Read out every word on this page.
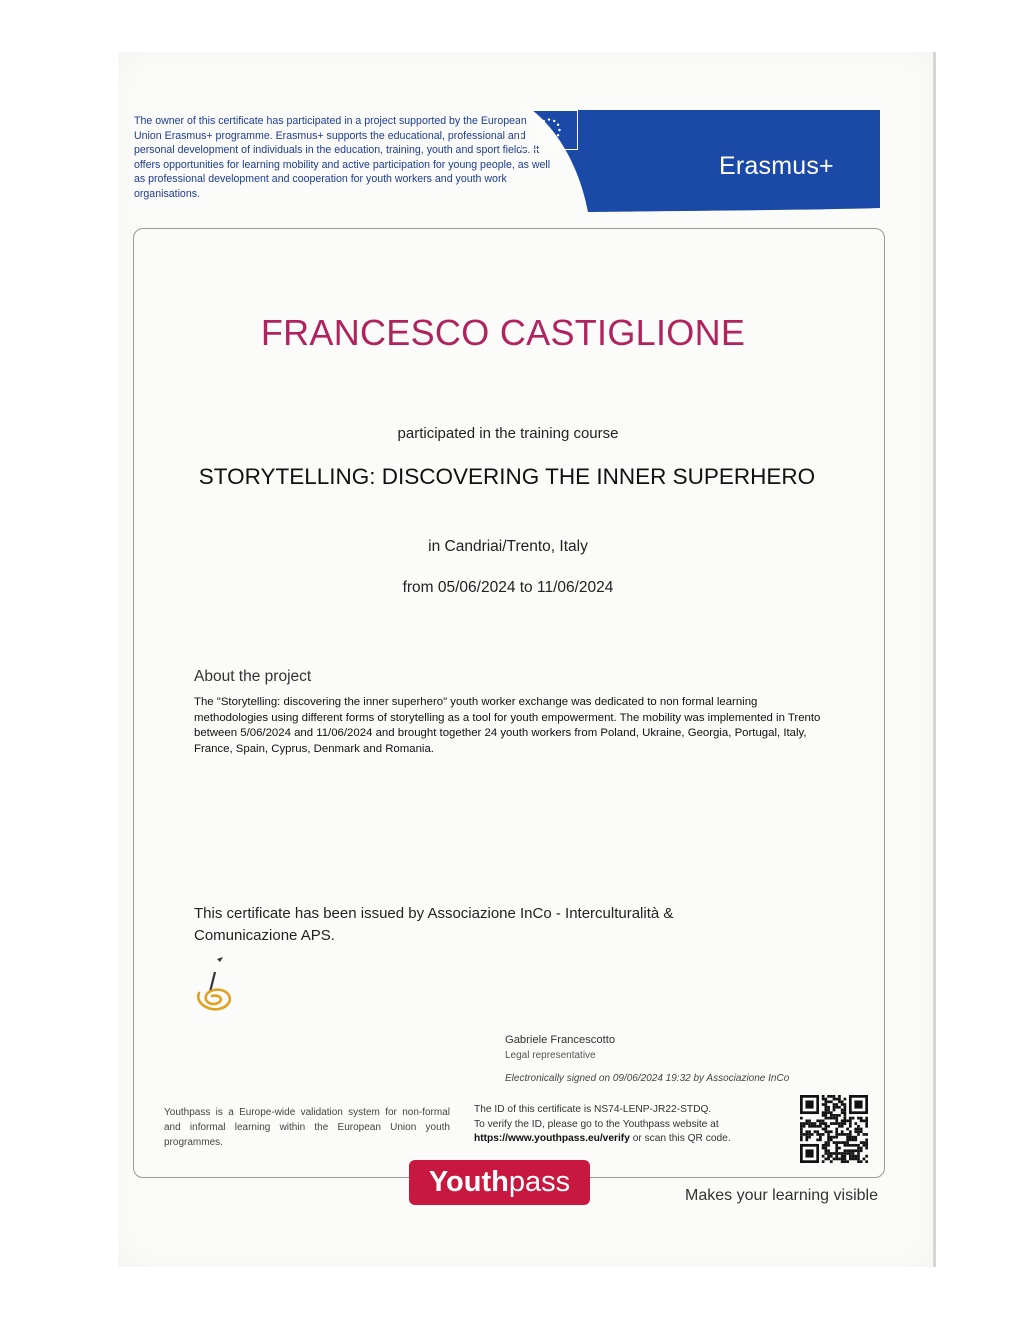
The owner of this certificate has participated in a project supported by the European Union Erasmus+ programme. Erasmus+ supports the educational, professional and personal development of individuals in the education, training, youth and sport fields. It offers opportunities for learning mobility and active participation for young people, as well as professional development and cooperation for youth workers and youth work organisations.
Erasmus+
FRANCESCO CASTIGLIONE
participated in the training course
STORYTELLING: DISCOVERING THE INNER SUPERHERO
in Candriai/Trento, Italy
from 05/06/2024 to 11/06/2024
About the project
The "Storytelling: discovering the inner superhero" youth worker exchange was dedicated to non formal learning methodologies using different forms of storytelling as a tool for youth empowerment. The mobility was implemented in Trento between 5/06/2024 and 11/06/2024 and brought together 24 youth workers from Poland, Ukraine, Georgia, Portugal, Italy, France, Spain, Cyprus, Denmark and Romania.
This certificate has been issued by Associazione InCo - Interculturalità & Comunicazione APS.
Gabriele Francescotto
Legal representative
Electronically signed on 09/06/2024 19:32 by Associazione InCo
Youthpass is a Europe-wide validation system for non-formal and informal learning within the European Union youth programmes.
The ID of this certificate is NS74-LENP-JR22-STDQ.
To verify the ID, please go to the Youthpass website at
https://www.youthpass.eu/verify or scan this QR code.
Youthpass	Makes your learning visible
